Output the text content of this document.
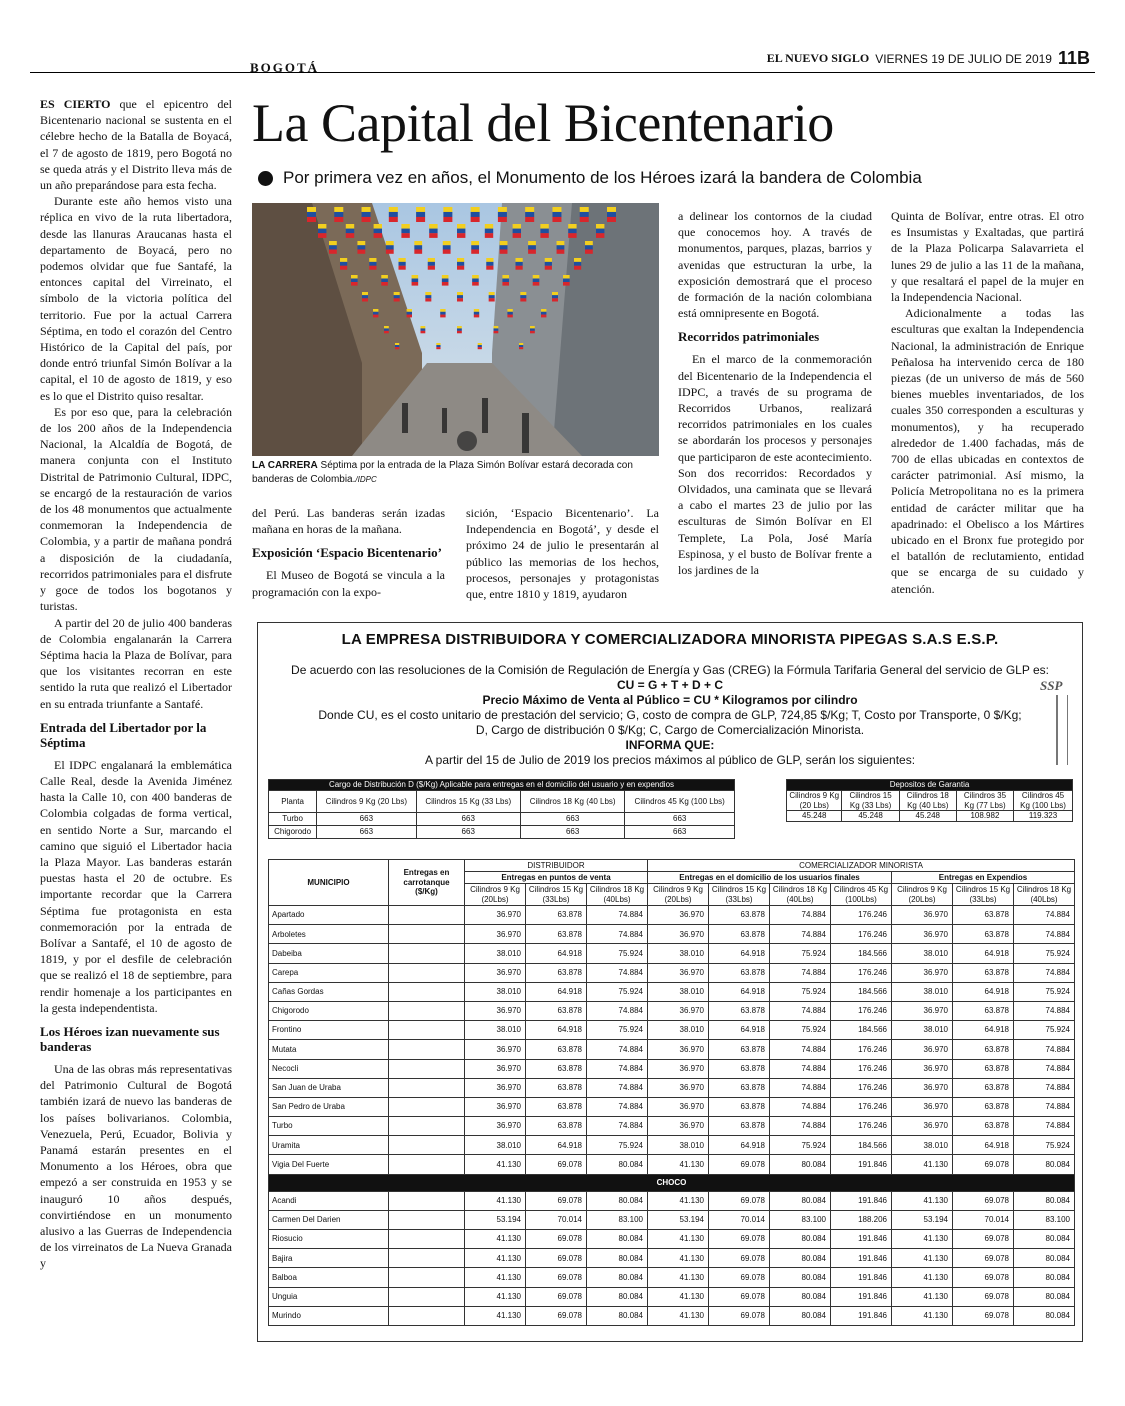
BOGOTÁ
EL NUEVO SIGLO VIERNES 19 DE JULIO DE 2019 11B
La Capital del Bicentenario
Por primera vez en años, el Monumento de los Héroes izará la bandera de Colombia

ES CIERTO que el epicentro del Bicentenario nacional se sustenta en el célebre hecho de la Batalla de Boyacá, el 7 de agosto de 1819, pero Bogotá no se queda atrás y el Distrito lleva más de un año preparándose para esta fecha.

Durante este año hemos visto una réplica en vivo de la ruta libertadora, desde las llanuras Araucanas hasta el departamento de Boyacá, pero no podemos olvidar que fue Santafé, la entonces capital del Virreinato, el símbolo de la victoria política del territorio. Fue por la actual Carrera Séptima, en todo el corazón del Centro Histórico de la Capital del país, por donde entró triunfal Simón Bolívar a la capital, el 10 de agosto de 1819, y eso es lo que el Distrito quiso resaltar.

Es por eso que, para la celebración de los 200 años de la Independencia Nacional, la Alcaldía de Bogotá, de manera conjunta con el Instituto Distrital de Patrimonio Cultural, IDPC, se encargó de la restauración de varios de los 48 monumentos que actualmente conmemoran la Independencia de Colombia, y a partir de mañana pondrá a disposición de la ciudadanía, recorridos patrimoniales para el disfrute y goce de todos los bogotanos y turistas.

A partir del 20 de julio 400 banderas de Colombia engalanarán la Carrera Séptima hacia la Plaza de Bolívar, para que los visitantes recorran en este sentido la ruta que realizó el Libertador en su entrada triunfante a Santafé.

Entrada del Libertador por la Séptima

El IDPC engalanará la emblemática Calle Real, desde la Avenida Jiménez hasta la Calle 10, con 400 banderas de Colombia colgadas de forma vertical, en sentido Norte a Sur, marcando el camino que siguió el Libertador hacia la Plaza Mayor. Las banderas estarán puestas hasta el 20 de octubre. Es importante recordar que la Carrera Séptima fue protagonista en esta conmemoración por la entrada de Bolívar a Santafé, el 10 de agosto de 1819, y por el desfile de celebración que se realizó el 18 de septiembre, para rendir homenaje a los participantes en la gesta independentista.

Los Héroes izan nuevamente sus banderas

Una de las obras más representativas del Patrimonio Cultural de Bogotá también izará de nuevo las banderas de los países bolivarianos. Colombia, Venezuela, Perú, Ecuador, Bolivia y Panamá estarán presentes en el Monumento a los Héroes, obra que empezó a ser construida en 1953 y se inauguró 10 años después, convirtiéndose en un monumento alusivo a las Guerras de Independencia de los virreinatos de La Nueva Granada y

LA CARRERA Séptima por la entrada de la Plaza Simón Bolívar estará decorada con banderas de Colombia./IDPC

del Perú. Las banderas serán izadas mañana en horas de la mañana.

Exposición ‘Espacio Bicentenario’

El Museo de Bogotá se vincula a la programación con la expo-

sición, ‘Espacio Bicentenario’. La Independencia en Bogotá’, y desde el próximo 24 de julio le presentarán al público las memorias de los hechos, procesos, personajes y protagonistas que, entre 1810 y 1819, ayudaron

a delinear los contornos de la ciudad que conocemos hoy. A través de monumentos, parques, plazas, barrios y avenidas que estructuran la urbe, la exposición demostrará que el proceso de formación de la nación colombiana está omnipresente en Bogotá.

Recorridos patrimoniales

En el marco de la conmemoración del Bicentenario de la Independencia el IDPC, a través de su programa de Recorridos Urbanos, realizará recorridos patrimoniales en los cuales se abordarán los procesos y personajes que participaron de este acontecimiento. Son dos recorridos: Recordados y Olvidados, una caminata que se llevará a cabo el martes 23 de julio por las esculturas de Simón Bolívar en El Templete, La Pola, José María Espinosa, y el busto de Bolívar frente a los jardines de la

Quinta de Bolívar, entre otras. El otro es Insumistas y Exaltadas, que partirá de la Plaza Policarpa Salavarrieta el lunes 29 de julio a las 11 de la mañana, y que resaltará el papel de la mujer en la Independencia Nacional.

Adicionalmente a todas las esculturas que exaltan la Independencia Nacional, la administración de Enrique Peñalosa ha intervenido cerca de 180 piezas (de un universo de más de 560 bienes muebles inventariados, de los cuales 350 corresponden a esculturas y monumentos), y ha recuperado alrededor de 1.400 fachadas, más de 700 de ellas ubicadas en contextos de carácter patrimonial. Así mismo, la Policía Metropolitana no es la primera entidad de carácter militar que ha apadrinado: el Obelisco a los Mártires ubicado en el Bronx fue protegido por el batallón de reclutamiento, entidad que se encarga de su cuidado y atención.

LA EMPRESA DISTRIBUIDORA Y COMERCIALIZADORA MINORISTA PIPEGAS S.A.S E.S.P.
De acuerdo con las resoluciones de la Comisión de Regulación de Energía y Gas (CREG) la Fórmula Tarifaria General del servicio de GLP es:
CU = G + T + D + C
Precio Máximo de Venta al Público = CU * Kilogramos por cilindro
Donde CU, es el costo unitario de prestación del servicio; G, costo de compra de GLP, 724,85 $/Kg; T, Costo por Transporte, 0 $/Kg;
D, Cargo de distribución 0 $/Kg; C, Cargo de Comercialización Minorista.
INFORMA QUE:
A partir del 15 de Julio de 2019 los precios máximos al público de GLP, serán los siguientes:
SSP
Cargo de Distribución D ($/Kg) Aplicable para entregas en el domicilio del usuario y en expendios				
Planta	Cilindros 9 Kg (20 Lbs)	Cilindros 15 Kg (33 Lbs)	Cilindros 18 Kg (40 Lbs)	Cilindros 45 Kg (100 Lbs)
Turbo	663	663	663	663
Chigorodo	663	663	663	663
Depositos de Garantia				
Cilindros 9 Kg (20 Lbs)	Cilindros 15 Kg (33 Lbs)	Cilindros 18 Kg (40 Lbs)	Cilindros 35 Kg (77 Lbs)	Cilindros 45 Kg (100 Lbs)
45.248	45.248	45.248	108.982	119.323
MUNICIPIO	Entregas en carrotanque ($/Kg)	DISTRIBUIDOR			COMERCIALIZADOR MINORISTA						
		Entregas en puntos de venta			Entregas en el domicilio de los usuarios finales				Entregas en Expendios		
		Cilindros 9 Kg (20Lbs)	Cilindros 15 Kg (33Lbs)	Cilindros 18 Kg (40Lbs)	Cilindros 9 Kg (20Lbs)	Cilindros 15 Kg (33Lbs)	Cilindros 18 Kg (40Lbs)	Cilindros 45 Kg (100Lbs)	Cilindros 9 Kg (20Lbs)	Cilindros 15 Kg (33Lbs)	Cilindros 18 Kg (40Lbs)
Apartado		36.970	63.878	74.884	36.970	63.878	74.884	176.246	36.970	63.878	74.884
Arboletes		36.970	63.878	74.884	36.970	63.878	74.884	176.246	36.970	63.878	74.884
Dabeiba		38.010	64.918	75.924	38.010	64.918	75.924	184.566	38.010	64.918	75.924
Carepa		36.970	63.878	74.884	36.970	63.878	74.884	176.246	36.970	63.878	74.884
Cañas Gordas		38.010	64.918	75.924	38.010	64.918	75.924	184.566	38.010	64.918	75.924
Chigorodo		36.970	63.878	74.884	36.970	63.878	74.884	176.246	36.970	63.878	74.884
Frontino		38.010	64.918	75.924	38.010	64.918	75.924	184.566	38.010	64.918	75.924
Mutata		36.970	63.878	74.884	36.970	63.878	74.884	176.246	36.970	63.878	74.884
Necocli		36.970	63.878	74.884	36.970	63.878	74.884	176.246	36.970	63.878	74.884
San Juan de Uraba		36.970	63.878	74.884	36.970	63.878	74.884	176.246	36.970	63.878	74.884
San Pedro de Uraba		36.970	63.878	74.884	36.970	63.878	74.884	176.246	36.970	63.878	74.884
Turbo		36.970	63.878	74.884	36.970	63.878	74.884	176.246	36.970	63.878	74.884
Uramita		38.010	64.918	75.924	38.010	64.918	75.924	184.566	38.010	64.918	75.924
Vigia Del Fuerte		41.130	69.078	80.084	41.130	69.078	80.084	191.846	41.130	69.078	80.084
CHOCO											
Acandi		41.130	69.078	80.084	41.130	69.078	80.084	191.846	41.130	69.078	80.084
Carmen Del Darien		53.194	70.014	83.100	53.194	70.014	83.100	188.206	53.194	70.014	83.100
Riosucio		41.130	69.078	80.084	41.130	69.078	80.084	191.846	41.130	69.078	80.084
Bajira		41.130	69.078	80.084	41.130	69.078	80.084	191.846	41.130	69.078	80.084
Balboa		41.130	69.078	80.084	41.130	69.078	80.084	191.846	41.130	69.078	80.084
Unguia		41.130	69.078	80.084	41.130	69.078	80.084	191.846	41.130	69.078	80.084
Murindo		41.130	69.078	80.084	41.130	69.078	80.084	191.846	41.130	69.078	80.084
